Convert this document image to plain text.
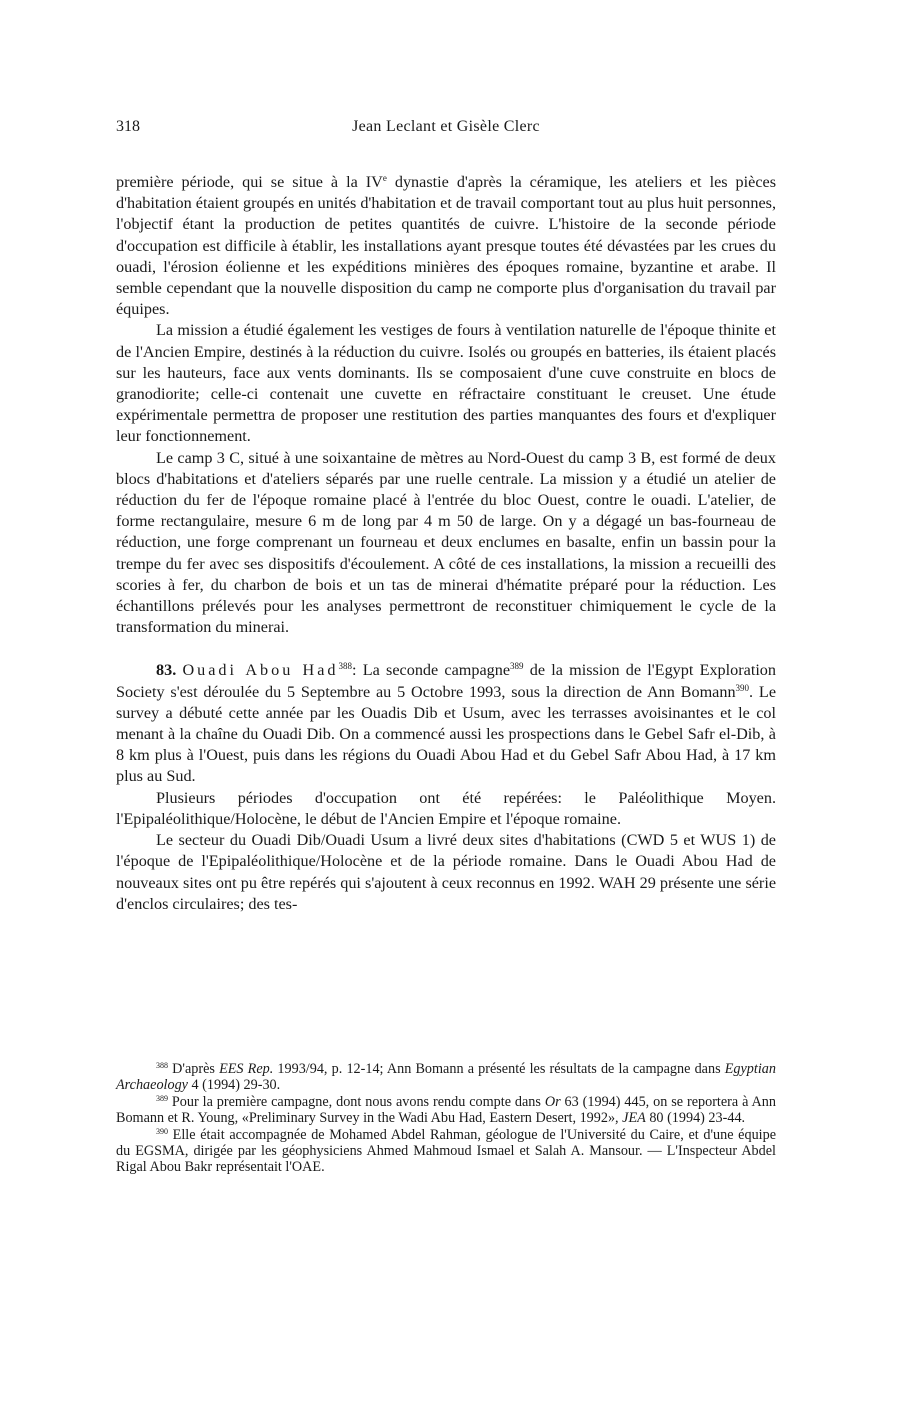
318	Jean Leclant et Gisèle Clerc

première période, qui se situe à la IVe dynastie d'après la céramique, les ateliers et les pièces d'habitation étaient groupés en unités d'habitation et de travail comportant tout au plus huit personnes, l'objectif étant la production de petites quantités de cuivre. L'histoire de la seconde période d'occupation est difficile à établir, les installations ayant presque toutes été dévastées par les crues du ouadi, l'érosion éolienne et les expéditions minières des époques romaine, byzantine et arabe. Il semble cependant que la nouvelle disposition du camp ne comporte plus d'organisation du travail par équipes.

La mission a étudié également les vestiges de fours à ventilation naturelle de l'époque thinite et de l'Ancien Empire, destinés à la réduction du cuivre. Isolés ou groupés en batteries, ils étaient placés sur les hauteurs, face aux vents dominants. Ils se composaient d'une cuve construite en blocs de granodiorite; celle-ci contenait une cuvette en réfractaire constituant le creuset. Une étude expérimentale permettra de proposer une restitution des parties manquantes des fours et d'expliquer leur fonctionnement.

Le camp 3 C, situé à une soixantaine de mètres au Nord-Ouest du camp 3 B, est formé de deux blocs d'habitations et d'ateliers séparés par une ruelle centrale. La mission y a étudié un atelier de réduction du fer de l'époque romaine placé à l'entrée du bloc Ouest, contre le ouadi. L'atelier, de forme rectangulaire, mesure 6 m de long par 4 m 50 de large. On y a dégagé un bas-fourneau de réduction, une forge comprenant un fourneau et deux enclumes en basalte, enfin un bassin pour la trempe du fer avec ses dispositifs d'écoulement. A côté de ces installations, la mission a recueilli des scories à fer, du charbon de bois et un tas de minerai d'hématite préparé pour la réduction. Les échantillons prélevés pour les analyses permettront de reconstituer chimiquement le cycle de la transformation du minerai.

83. Ouadi Abou Had$^{388}$: La seconde campagne$^{389}$ de la mission de l'Egypt Exploration Society s'est déroulée du 5 Septembre au 5 Octobre 1993, sous la direction de Ann Bomann$^{390}$. Le survey a débuté cette année par les Ouadis Dib et Usum, avec les terrasses avoisinantes et le col menant à la chaîne du Ouadi Dib. On a commencé aussi les prospections dans le Gebel Safr el-Dib, à 8 km plus à l'Ouest, puis dans les régions du Ouadi Abou Had et du Gebel Safr Abou Had, à 17 km plus au Sud.

Plusieurs périodes d'occupation ont été repérées: le Paléolithique Moyen. l'Epipaléolithique/Holocène, le début de l'Ancien Empire et l'époque romaine.

Le secteur du Ouadi Dib/Ouadi Usum a livré deux sites d'habitations (CWD 5 et WUS 1) de l'époque de l'Epipaléolithique/Holocène et de la période romaine. Dans le Ouadi Abou Had de nouveaux sites ont pu être repérés qui s'ajoutent à ceux reconnus en 1992. WAH 29 présente une série d'enclos circulaires; des tes-

$^{388}$ D'après EES Rep. 1993/94, p. 12-14; Ann Bomann a présenté les résultats de la campagne dans Egyptian Archaeology 4 (1994) 29-30.

$^{389}$ Pour la première campagne, dont nous avons rendu compte dans Or 63 (1994) 445, on se reportera à Ann Bomann et R. Young, «Preliminary Survey in the Wadi Abu Had, Eastern Desert, 1992», JEA 80 (1994) 23-44.

$^{390}$ Elle était accompagnée de Mohamed Abdel Rahman, géologue de l'Université du Caire, et d'une équipe du EGSMA, dirigée par les géophysiciens Ahmed Mahmoud Ismael et Salah A. Mansour. — L'Inspecteur Abdel Rigal Abou Bakr représentait l'OAE.
